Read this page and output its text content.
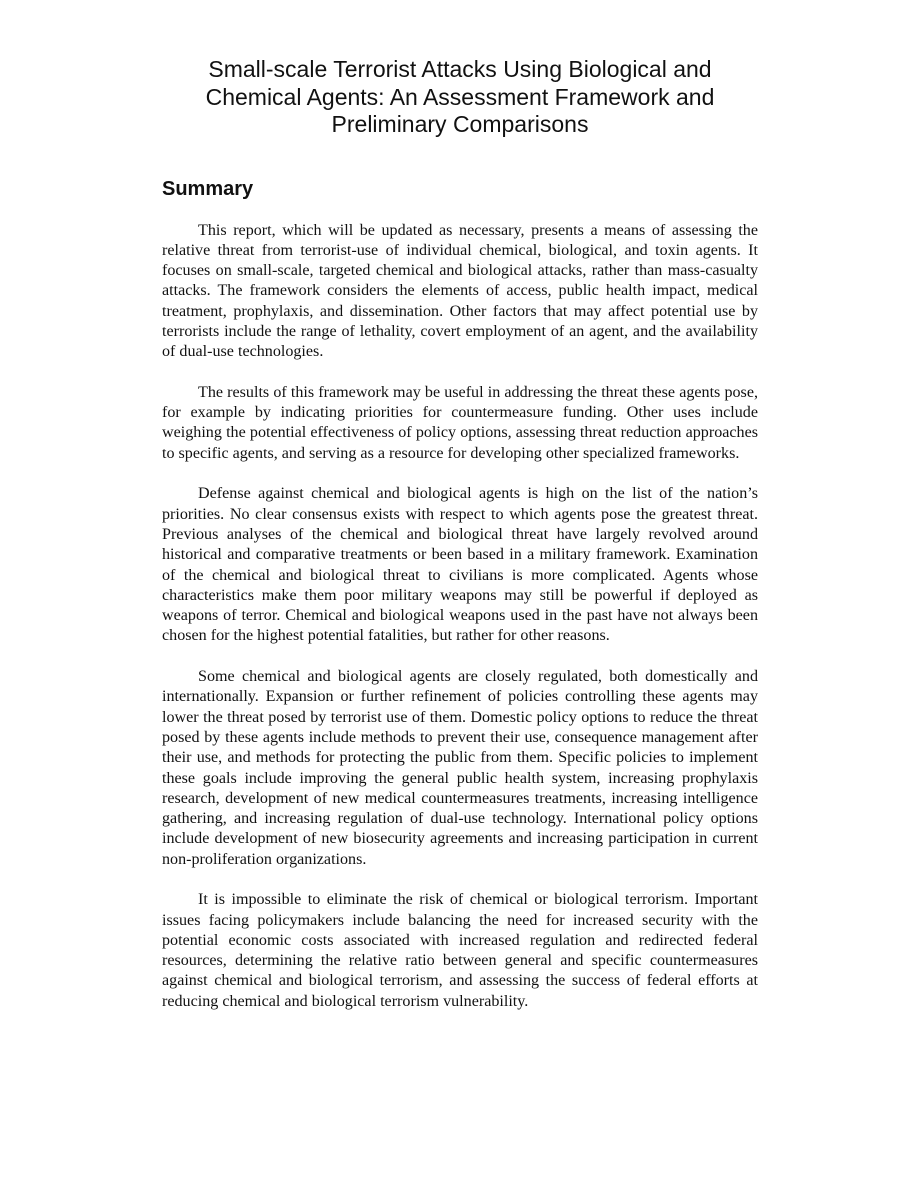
Small-scale Terrorist Attacks Using Biological and Chemical Agents: An Assessment Framework and Preliminary Comparisons
Summary

This report, which will be updated as necessary, presents a means of assessing the relative threat from terrorist-use of individual chemical, biological, and toxin agents. It focuses on small-scale, targeted chemical and biological attacks, rather than mass-casualty attacks. The framework considers the elements of access, public health impact, medical treatment, prophylaxis, and dissemination. Other factors that may affect potential use by terrorists include the range of lethality, covert employment of an agent, and the availability of dual-use technologies.

The results of this framework may be useful in addressing the threat these agents pose, for example by indicating priorities for countermeasure funding. Other uses include weighing the potential effectiveness of policy options, assessing threat reduction approaches to specific agents, and serving as a resource for developing other specialized frameworks.

Defense against chemical and biological agents is high on the list of the nation’s priorities. No clear consensus exists with respect to which agents pose the greatest threat. Previous analyses of the chemical and biological threat have largely revolved around historical and comparative treatments or been based in a military framework. Examination of the chemical and biological threat to civilians is more complicated. Agents whose characteristics make them poor military weapons may still be powerful if deployed as weapons of terror. Chemical and biological weapons used in the past have not always been chosen for the highest potential fatalities, but rather for other reasons.

Some chemical and biological agents are closely regulated, both domestically and internationally. Expansion or further refinement of policies controlling these agents may lower the threat posed by terrorist use of them. Domestic policy options to reduce the threat posed by these agents include methods to prevent their use, consequence management after their use, and methods for protecting the public from them. Specific policies to implement these goals include improving the general public health system, increasing prophylaxis research, development of new medical countermeasures treatments, increasing intelligence gathering, and increasing regulation of dual-use technology. International policy options include development of new biosecurity agreements and increasing participation in current non-proliferation organizations.

It is impossible to eliminate the risk of chemical or biological terrorism. Important issues facing policymakers include balancing the need for increased security with the potential economic costs associated with increased regulation and redirected federal resources, determining the relative ratio between general and specific countermeasures against chemical and biological terrorism, and assessing the success of federal efforts at reducing chemical and biological terrorism vulnerability.
